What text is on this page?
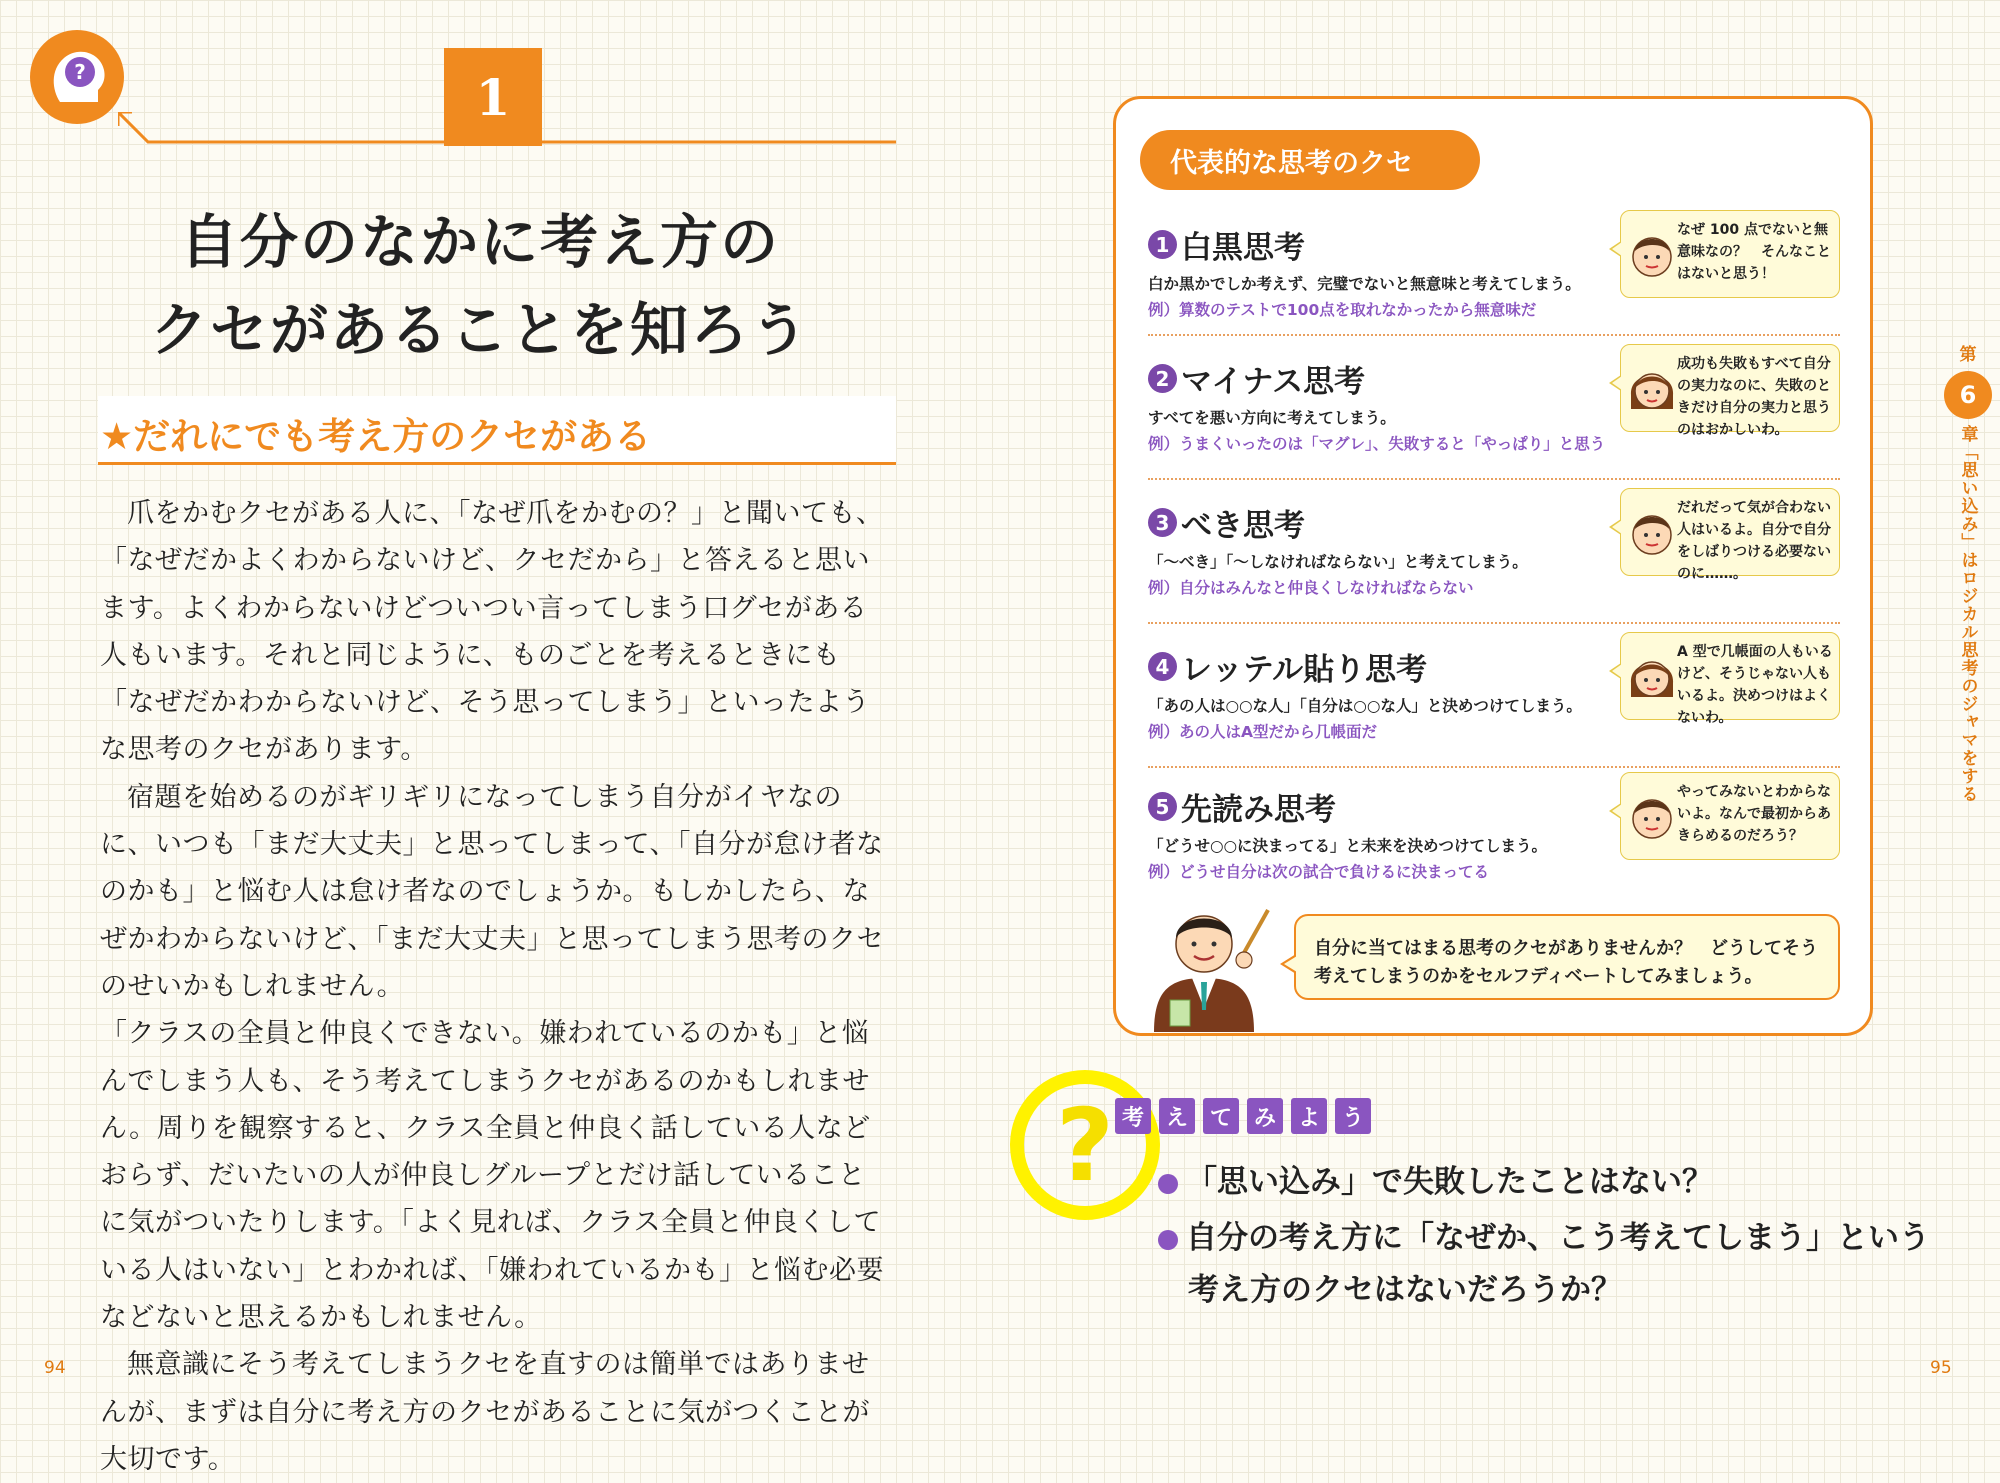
?	1
自分のなかに考え方の
クセがあることを知ろう
★だれにでも考え方のクセがある

爪をかむクセがある人に、「なぜ爪をかむの？」と聞いても、「なぜだかよくわからないけど、クセだから」と答えると思います。よくわからないけどついつい言ってしまう口グセがある人もいます。それと同じように、ものごとを考えるときにも「なぜだかわからないけど、そう思ってしまう」といったような思考のクセがあります。

宿題を始めるのがギリギリになってしまう自分がイヤなのに、いつも「まだ大丈夫」と思ってしまって、「自分が怠け者なのかも」と悩む人は怠け者なのでしょうか。もしかしたら、なぜかわからないけど、「まだ大丈夫」と思ってしまう思考のクセのせいかもしれません。

「クラスの全員と仲良くできない。嫌われているのかも」と悩んでしまう人も、そう考えてしまうクセがあるのかもしれません。周りを観察すると、クラス全員と仲良く話している人などおらず、だいたいの人が仲良しグループとだけ話していることに気がついたりします。「よく見れば、クラス全員と仲良くしている人はいない」とわかれば、「嫌われているかも」と悩む必要などないと思えるかもしれません。

無意識にそう考えてしまうクセを直すのは簡単ではありませんが、まずは自分に考え方のクセがあることに気がつくことが大切です。

94
代表的な思考のクセ
1 白黒思考
白か黒かでしか考えず、完璧でないと無意味と考えてしまう。
例）算数のテストで100点を取れなかったから無意味だ
なぜ 100 点でないと無意味なの？　そんなことはないと思う！
2 マイナス思考
すべてを悪い方向に考えてしまう。
例）うまくいったのは「マグレ」、失敗すると「やっぱり」と思う
成功も失敗もすべて自分の実力なのに、失敗のときだけ自分の実力と思うのはおかしいわ。
3 べき思考
「～べき」「～しなければならない」と考えてしまう。
例）自分はみんなと仲良くしなければならない
だれだって気が合わない人はいるよ。自分で自分をしばりつける必要ないのに……。
4 レッテル貼り思考
「あの人は○○な人」「自分は○○な人」と決めつけてしまう。
例）あの人はA型だから几帳面だ
A 型で几帳面の人もいるけど、そうじゃない人もいるよ。決めつけはよくないわ。
5 先読み思考
「どうせ○○に決まってる」と未来を決めつけてしまう。
例）どうせ自分は次の試合で負けるに決まってる
やってみないとわからないよ。なんで最初からあきらめるのだろう？
自分に当てはまる思考のクセがありませんか？　どうしてそう
考えてしまうのかをセルフディベートしてみましょう。
? 考 え て み よ う
「思い込み」で失敗したことはない？
自分の考え方に「なぜか、こう考えてしまう」という
考え方のクセはないだろうか？
95
第
6
章「思い込み」はロジカル思考のジャマをする
